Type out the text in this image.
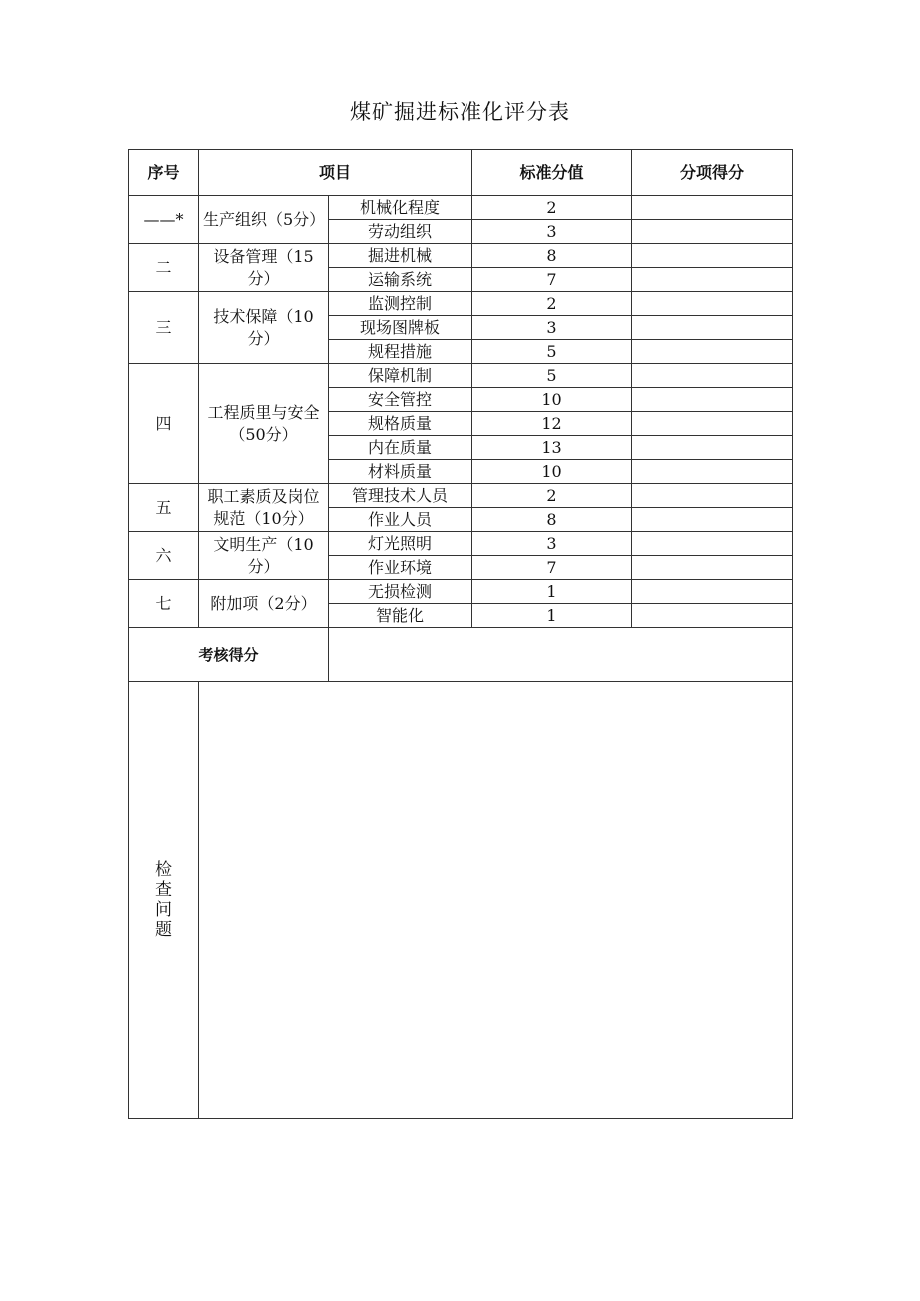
煤矿掘进标准化评分表
序号	项目		标准分值	分项得分
——*	生产组织（5分）	机械化程度	2	
		劳动组织	3	
二	设备管理（15分）	掘进机械	8	
		运输系统	7	
三	技术保障（10分）	监测控制	2	
		现场图牌板	3	
		规程措施	5	
四	工程质里与安全（50分）	保障机制	5	
		安全管控	10	
		规格质量	12	
		内在质量	13	
		材料质量	10	
五	职工素质及岗位规范（10分）	管理技术人员	2	
		作业人员	8	
六	文明生产（10分）	灯光照明	3	
		作业环境	7	
七	附加项（2分）	无损检测	1	
		智能化	1	
考核得分				
检查问题				
